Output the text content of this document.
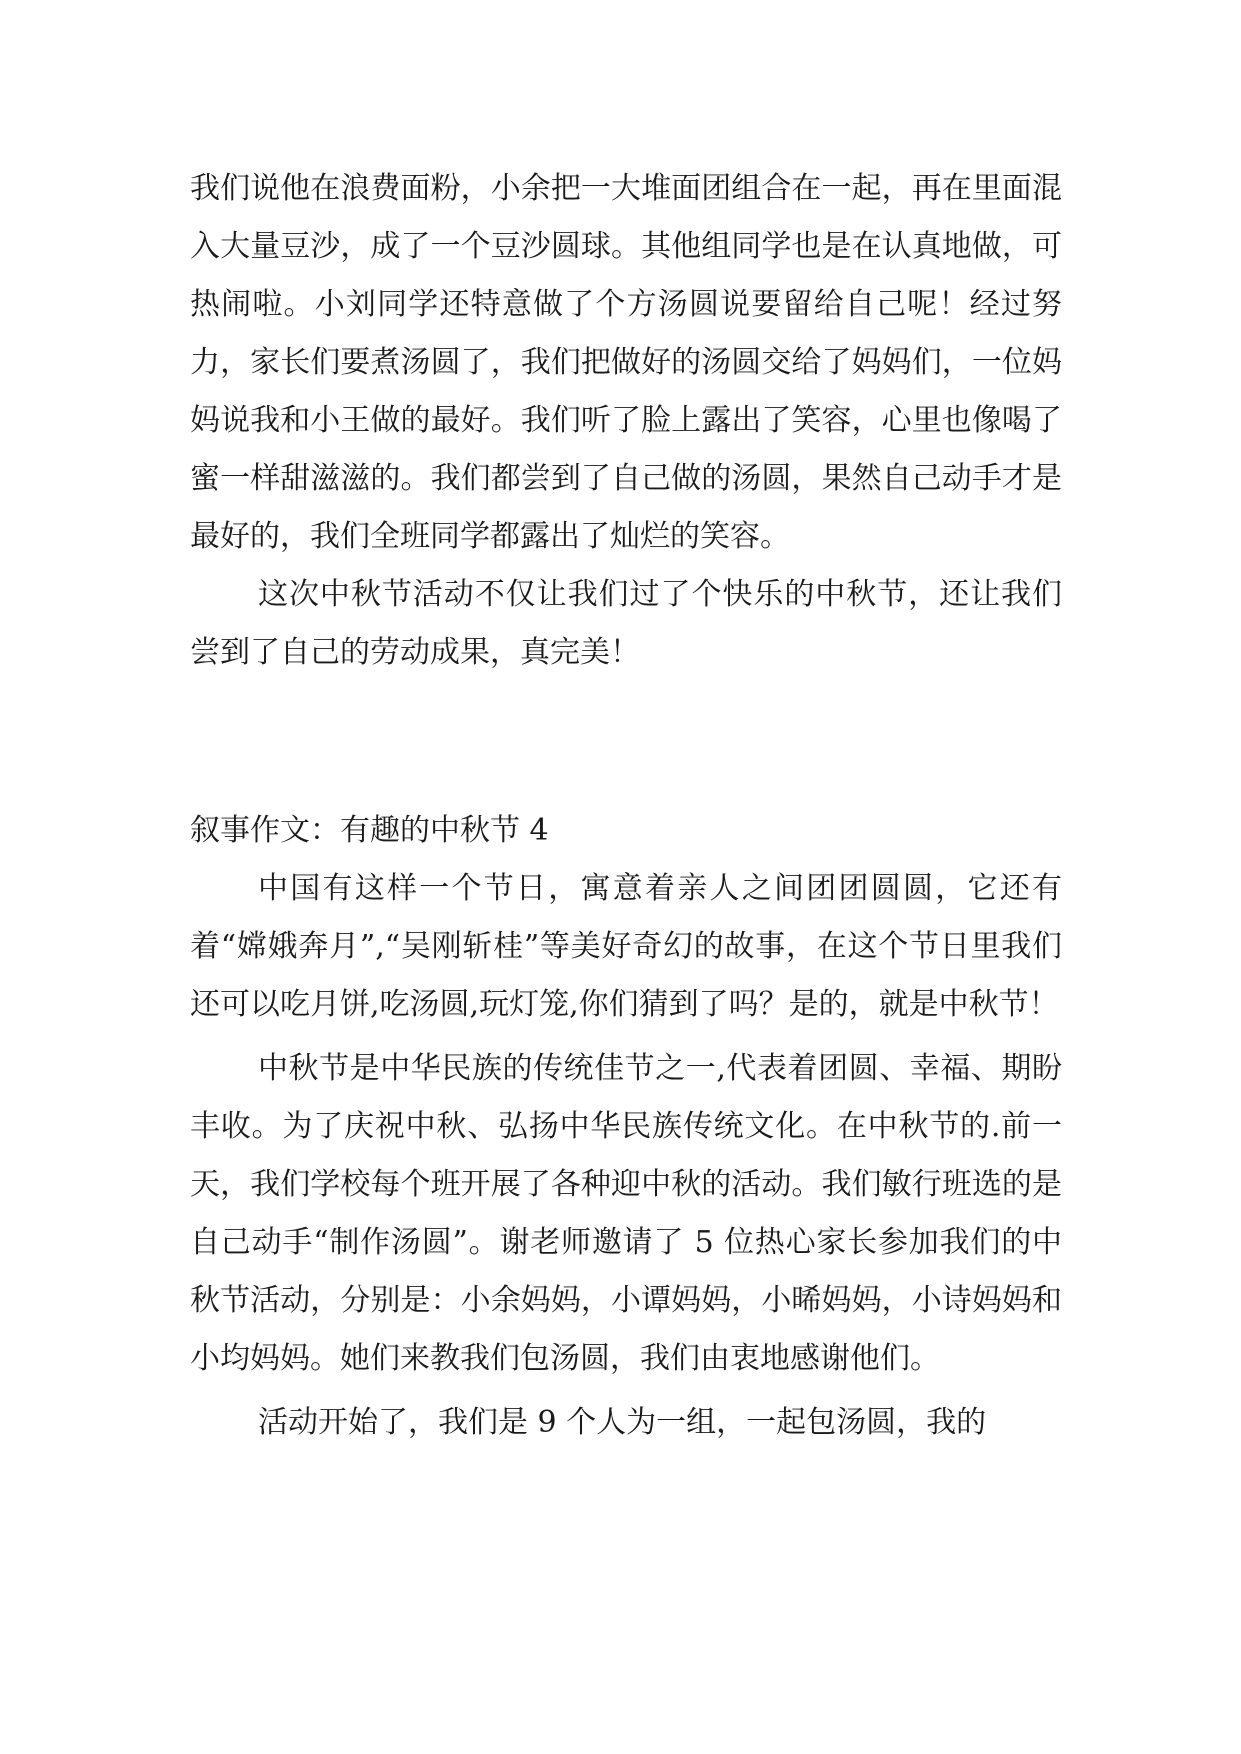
我们说他在浪费面粉，小余把一大堆面团组合在一起，再在里面混入大量豆沙，成了一个豆沙圆球。其他组同学也是在认真地做，可热闹啦。小刘同学还特意做了个方汤圆说要留给自己呢！经过努力，家长们要煮汤圆了，我们把做好的汤圆交给了妈妈们，一位妈妈说我和小王做的最好。我们听了脸上露出了笑容，心里也像喝了蜜一样甜滋滋的。我们都尝到了自己做的汤圆，果然自己动手才是最好的，我们全班同学都露出了灿烂的笑容。

这次中秋节活动不仅让我们过了个快乐的中秋节，还让我们尝到了自己的劳动成果，真完美！

叙事作文：有趣的中秋节 4

中国有这样一个节日，寓意着亲人之间团团圆圆，它还有着“嫦娥奔月”,“吴刚斩桂”等美好奇幻的故事，在这个节日里我们还可以吃月饼,吃汤圆,玩灯笼,你们猜到了吗？是的，就是中秋节！

中秋节是中华民族的传统佳节之一,代表着团圆、幸福、期盼丰收。为了庆祝中秋、弘扬中华民族传统文化。在中秋节的.前一天，我们学校每个班开展了各种迎中秋的活动。我们敏行班选的是自己动手“制作汤圆”。谢老师邀请了 5 位热心家长参加我们的中秋节活动，分别是：小余妈妈，小谭妈妈，小晞妈妈，小诗妈妈和小均妈妈。她们来教我们包汤圆，我们由衷地感谢他们。

活动开始了，我们是 9 个人为一组，一起包汤圆，我的
